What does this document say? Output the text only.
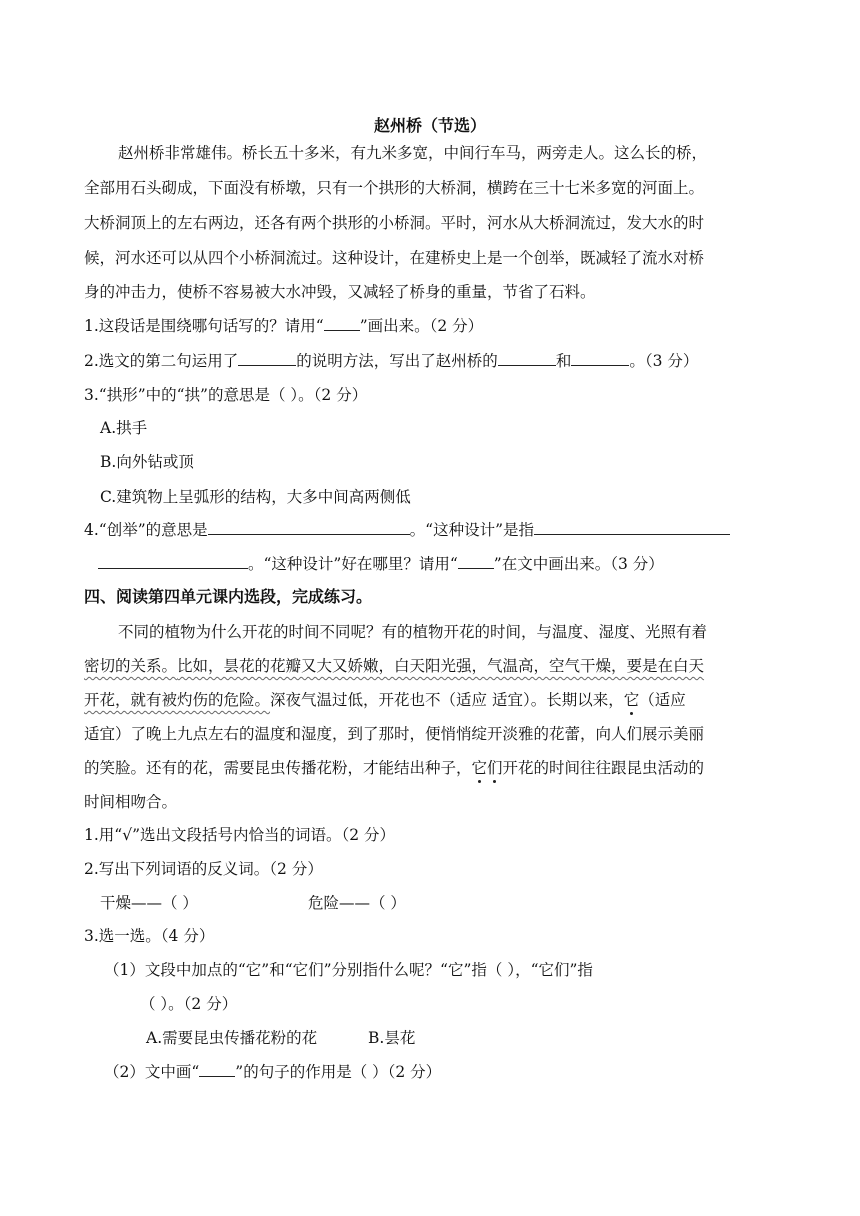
赵州桥（节选）
赵州桥非常雄伟。桥长五十多米，有九米多宽，中间行车马，两旁走人。这么长的桥，
全部用石头砌成，下面没有桥墩，只有一个拱形的大桥洞，横跨在三十七米多宽的河面上。
大桥洞顶上的左右两边，还各有两个拱形的小桥洞。平时，河水从大桥洞流过，发大水的时
候，河水还可以从四个小桥洞流过。这种设计，在建桥史上是一个创举，既减轻了流水对桥
身的冲击力，使桥不容易被大水冲毁，又减轻了桥身的重量，节省了石料。
1.这段话是围绕哪句话写的？请用“ ”画出来。（2 分）
2.选文的第二句运用了	的说明方法，写出了赵州桥的	和	。（3 分）
3.“拱形”中的“拱”的意思是（ ）。（2 分）
A.拱手
B.向外钻或顶
C.建筑物上呈弧形的结构，大多中间高两侧低
4.“创举”的意思是	。“这种设计”是指
。“这种设计”好在哪里？请用“ ”在文中画出来。（3 分）
四、阅读第四单元课内选段，完成练习。
不同的植物为什么开花的时间不同呢？有的植物开花的时间，与温度、湿度、光照有着
密切的关系。比如，昙花的花瓣又大又娇嫩，白天阳光强，气温高，空气干燥，要是在白天
开花，就有被灼伤的危险。深夜气温过低，开花也不（适应 适宜）。长期以来，它（适应
适宜）了晚上九点左右的温度和湿度，到了那时，便悄悄绽开淡雅的花蕾，向人们展示美丽
的笑脸。还有的花，需要昆虫传播花粉，才能结出种子，它们开花的时间往往跟昆虫活动的
时间相吻合。
1.用“√”选出文段括号内恰当的词语。（2 分）
2.写出下列词语的反义词。（2 分）
干燥——（ ）	危险——（ ）
3.选一选。（4 分）
（1）文段中加点的“它”和“它们”分别指什么呢？“它”指（ ），“它们”指
（ ）。（2 分）
A.需要昆虫传播花粉的花	B.昙花
（2）文中画“ ”的句子的作用是（ ）（2 分）
